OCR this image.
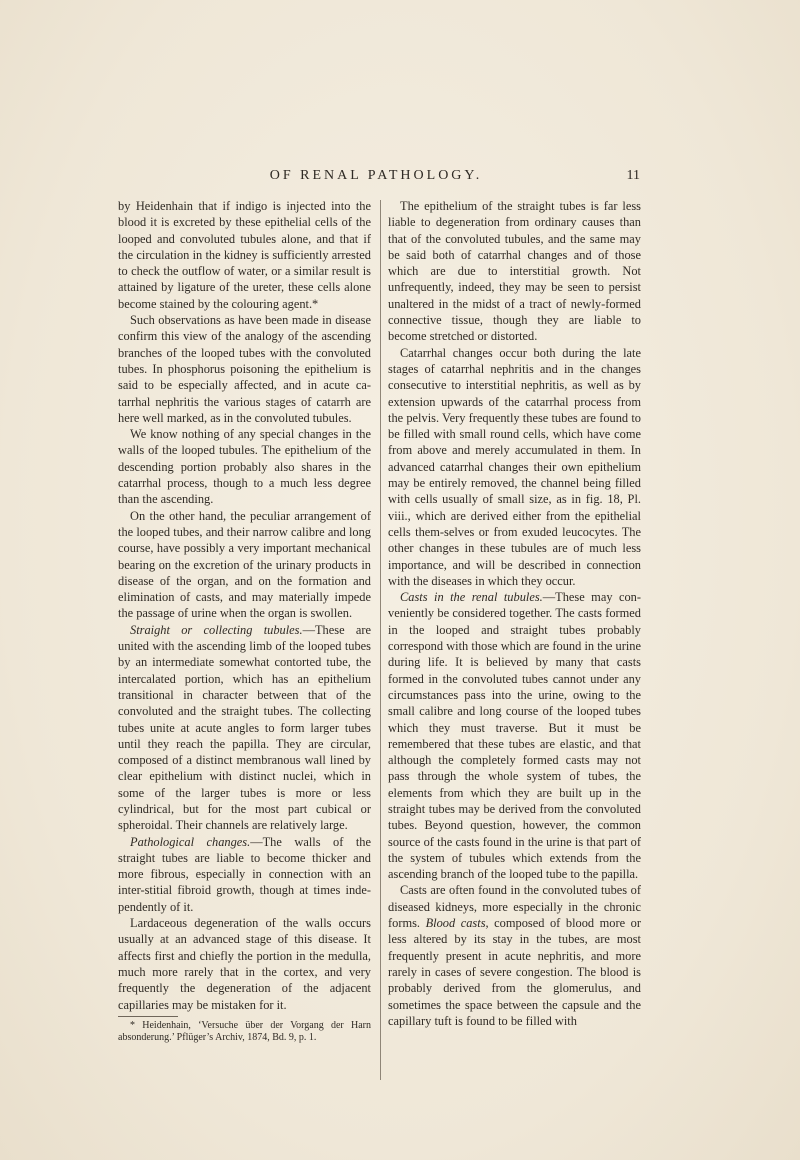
OF RENAL PATHOLOGY.	11

by Heidenhain that if indigo is injected into the blood it is excreted by these epithelial cells of the looped and convoluted tubules alone, and that if the circulation in the kidney is sufficiently arrested to check the outflow of water, or a similar result is attained by ligature of the ureter, these cells alone become stained by the colouring agent.*

Such observations as have been made in disease confirm this view of the analogy of the ascending branches of the looped tubes with the convoluted tubes. In phosphorus poisoning the epithelium is said to be especially affected, and in acute ca-tarrhal nephritis the various stages of catarrh are here well marked, as in the convoluted tubules.

We know nothing of any special changes in the walls of the looped tubules. The epithelium of the descending portion probably also shares in the catarrhal process, though to a much less degree than the ascending.

On the other hand, the peculiar arrangement of the looped tubes, and their narrow calibre and long course, have possibly a very important mechanical bearing on the excretion of the urinary products in disease of the organ, and on the formation and elimination of casts, and may materially impede the passage of urine when the organ is swollen.

Straight or collecting tubules.—These are united with the ascending limb of the looped tubes by an intermediate somewhat contorted tube, the intercalated portion, which has an epithelium transitional in character between that of the convoluted and the straight tubes. The collecting tubes unite at acute angles to form larger tubes until they reach the papilla. They are circular, composed of a distinct membranous wall lined by clear epithelium with distinct nuclei, which in some of the larger tubes is more or less cylindrical, but for the most part cubical or spheroidal. Their channels are relatively large.

Pathological changes.—The walls of the straight tubes are liable to become thicker and more fibrous, especially in connection with an inter-stitial fibroid growth, though at times inde-pendently of it.

Lardaceous degeneration of the walls occurs usually at an advanced stage of this disease. It affects first and chiefly the portion in the medulla, much more rarely that in the cortex, and very frequently the degeneration of the adjacent capillaries may be mistaken for it.

* Heidenhain, ‘Versuche über der Vorgang der Harn absonderung.’ Pflüger’s Archiv, 1874, Bd. 9, p. 1.

The epithelium of the straight tubes is far less liable to degeneration from ordinary causes than that of the convoluted tubules, and the same may be said both of catarrhal changes and of those which are due to interstitial growth. Not unfrequently, indeed, they may be seen to persist unaltered in the midst of a tract of newly-formed connective tissue, though they are liable to become stretched or distorted.

Catarrhal changes occur both during the late stages of catarrhal nephritis and in the changes consecutive to interstitial nephritis, as well as by extension upwards of the catarrhal process from the pelvis. Very frequently these tubes are found to be filled with small round cells, which have come from above and merely accumulated in them. In advanced catarrhal changes their own epithelium may be entirely removed, the channel being filled with cells usually of small size, as in fig. 18, Pl. viii., which are derived either from the epithelial cells them-selves or from exuded leucocytes. The other changes in these tubules are of much less importance, and will be described in connection with the diseases in which they occur.

Casts in the renal tubules.—These may con-veniently be considered together. The casts formed in the looped and straight tubes probably correspond with those which are found in the urine during life. It is believed by many that casts formed in the convoluted tubes cannot under any circumstances pass into the urine, owing to the small calibre and long course of the looped tubes which they must traverse. But it must be remembered that these tubes are elastic, and that although the completely formed casts may not pass through the whole system of tubes, the elements from which they are built up in the straight tubes may be derived from the convoluted tubes. Beyond question, however, the common source of the casts found in the urine is that part of the system of tubules which extends from the ascending branch of the looped tube to the papilla.

Casts are often found in the convoluted tubes of diseased kidneys, more especially in the chronic forms. Blood casts, composed of blood more or less altered by its stay in the tubes, are most frequently present in acute nephritis, and more rarely in cases of severe congestion. The blood is probably derived from the glomerulus, and sometimes the space between the capsule and the capillary tuft is found to be filled with
